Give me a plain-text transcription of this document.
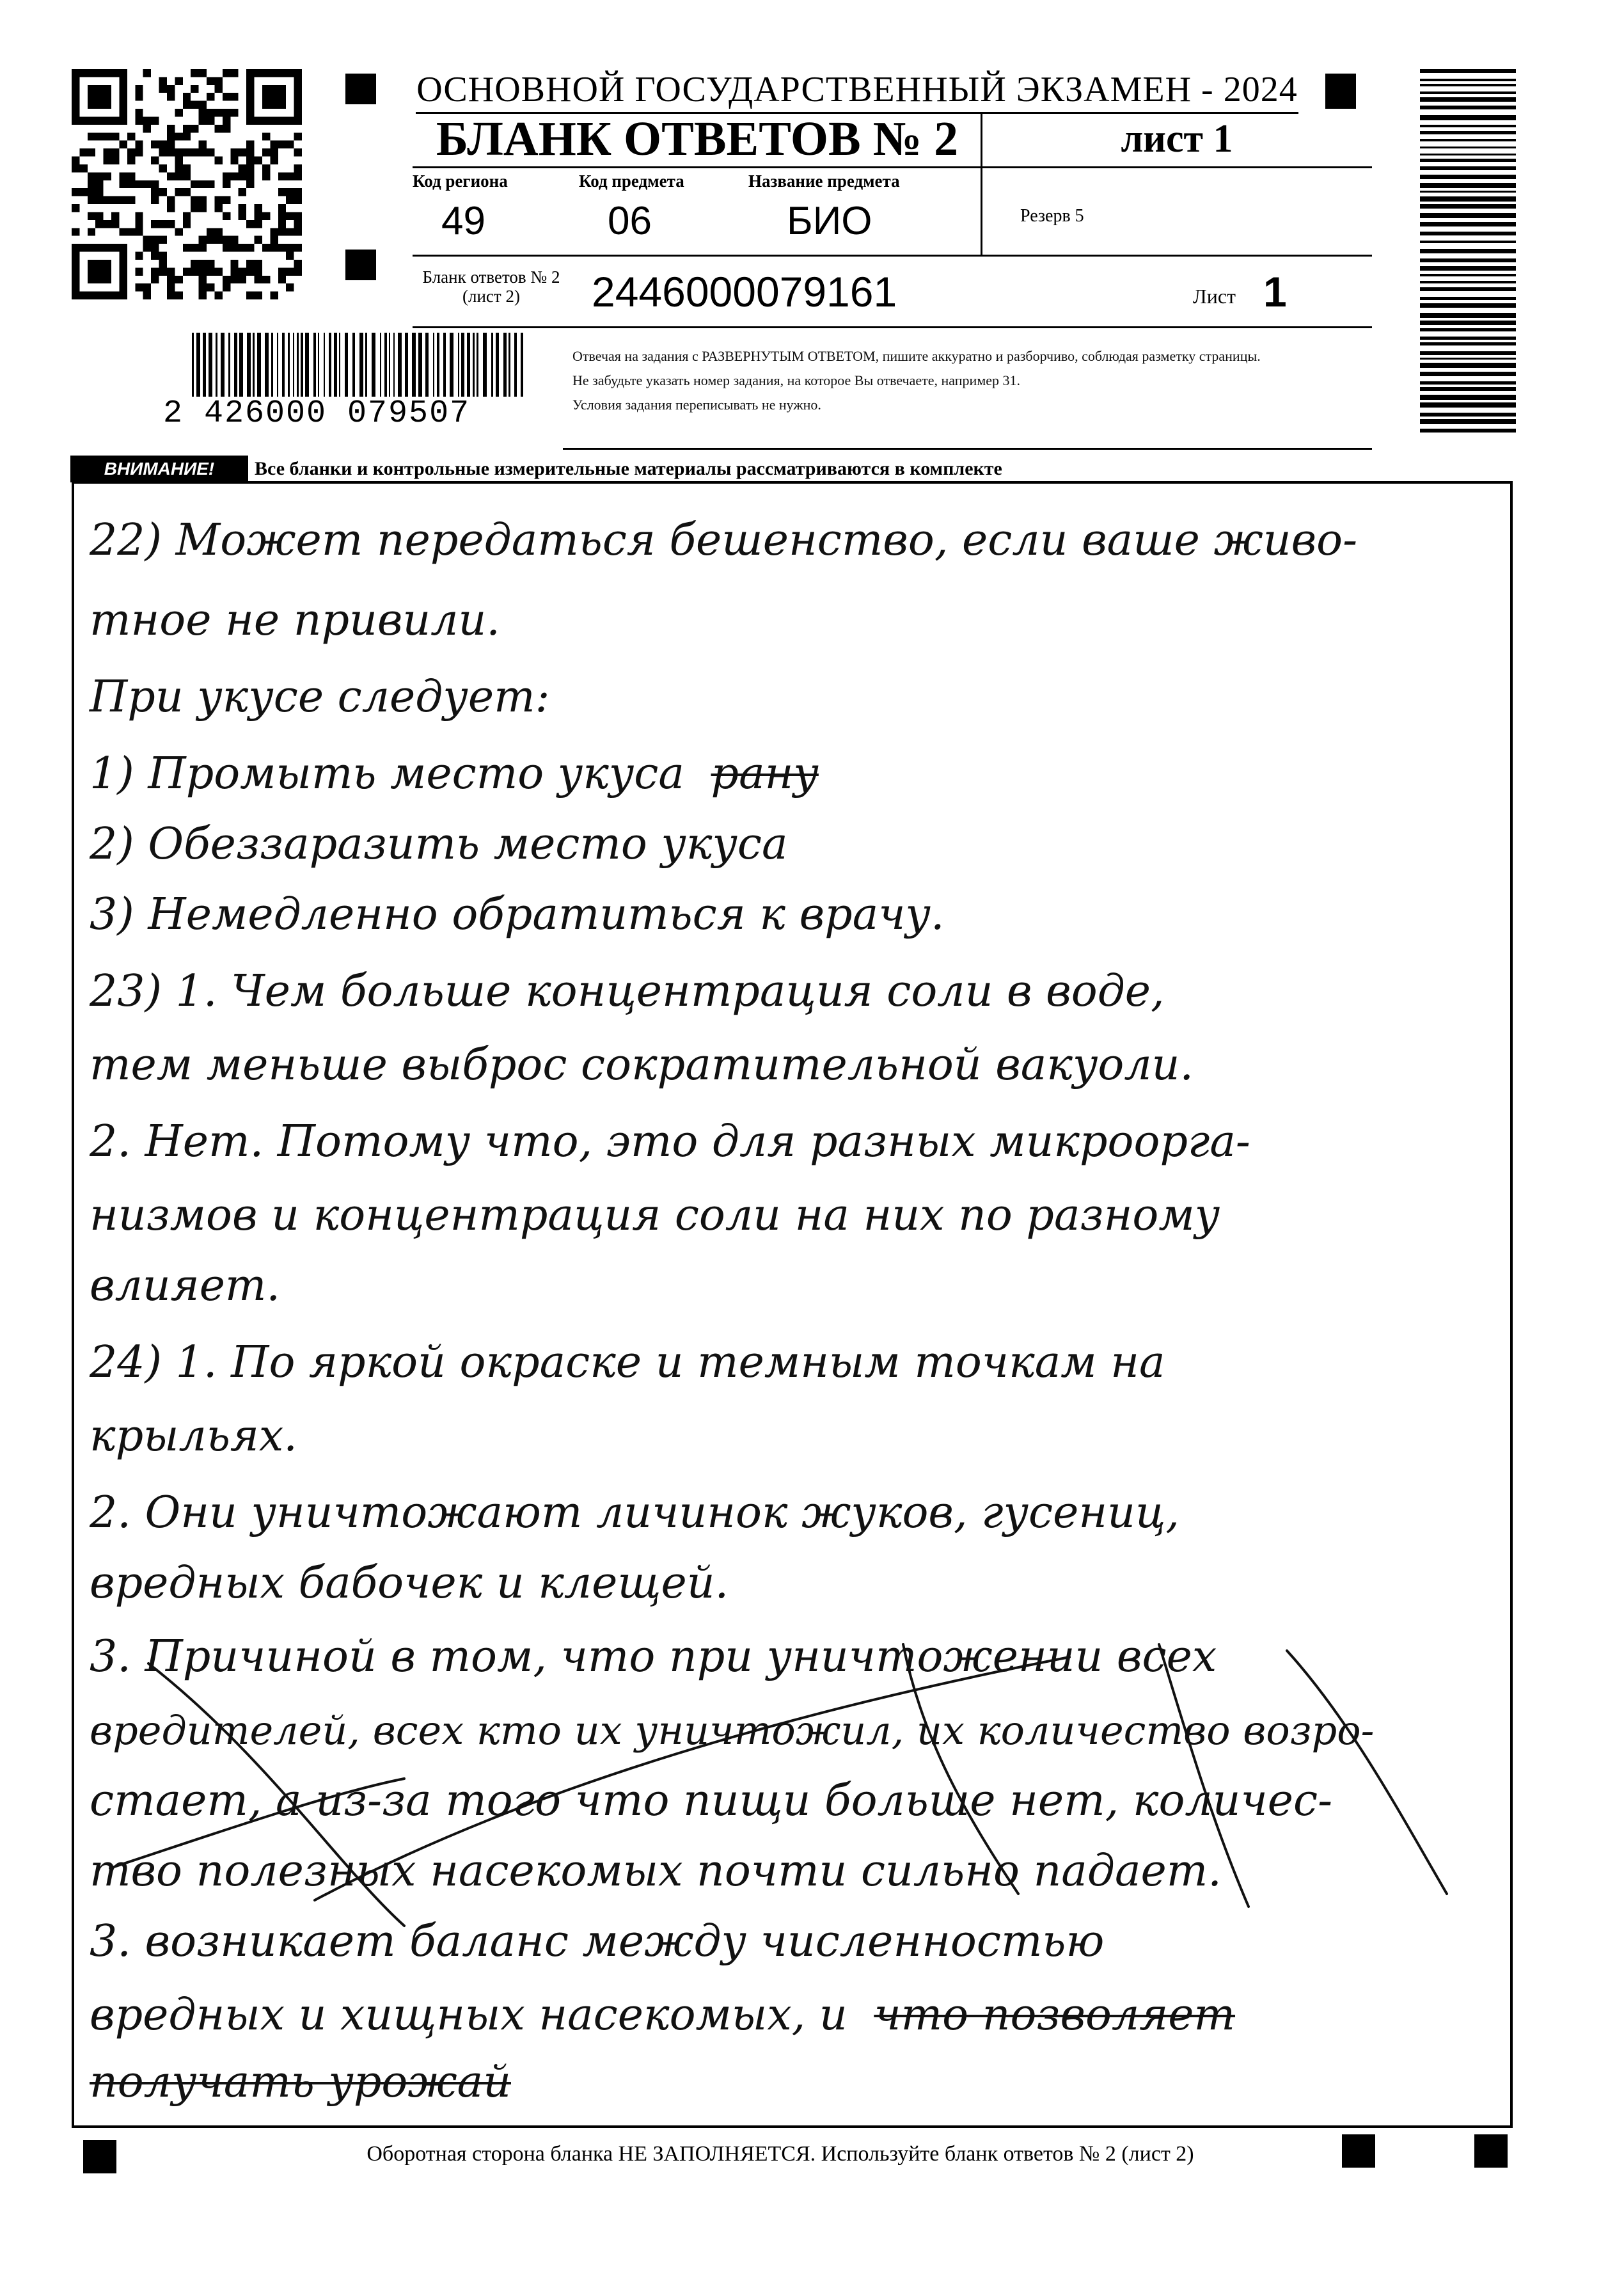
ОСНОВНОЙ ГОСУДАРСТВЕННЫЙ ЭКЗАМЕН - 2024
БЛАНК ОТВЕТОВ № 2	лист 1
Код региона
49
Код предмета
06
Название предмета
БИО	Резерв 5
Бланк ответов № 2
(лист 2)	2446000079161	Лист 1
Отвечая на задания с РАЗВЕРНУТЫМ ОТВЕТОМ, пишите аккуратно и разборчиво, соблюдая разметку страницы.
Не забудьте указать номер задания, на которое Вы отвечаете, например 31.
Условия задания переписывать не нужно.
2 426000 079507
ВНИМАНИЕ!	Все бланки и контрольные измерительные материалы рассматриваются в комплекте
22) Может передаться бешенство, если ваше живо-
тное не привили.
При укусе следует:
1) Промыть место укуса рану
2) Обеззаразить место укуса
3) Немедленно обратиться к врачу.
23) 1. Чем больше концентрация соли в воде,
тем меньше выброс сократительной вакуоли.
2. Нет. Потому что, это для разных микроорга-
низмов и концентрация соли на них по разному
влияет.
24) 1. По яркой окраске и темным точкам на
крыльях.
2. Они уничтожают личинок жуков, гусениц,
вредных бабочек и клещей.
3. Причиной в том, что при уничтожении всех
вредителей, всех кто их уничтожил, их количество возро-
стает, а из-за того что пищи больше нет, количес-
тво полезных насекомых почти сильно падает.
3. возникает баланс между численностью
вредных и хищных насекомых, и что позволяет
получать урожай
Оборотная сторона бланка НЕ ЗАПОЛНЯЕТСЯ. Используйте бланк ответов № 2 (лист 2)
